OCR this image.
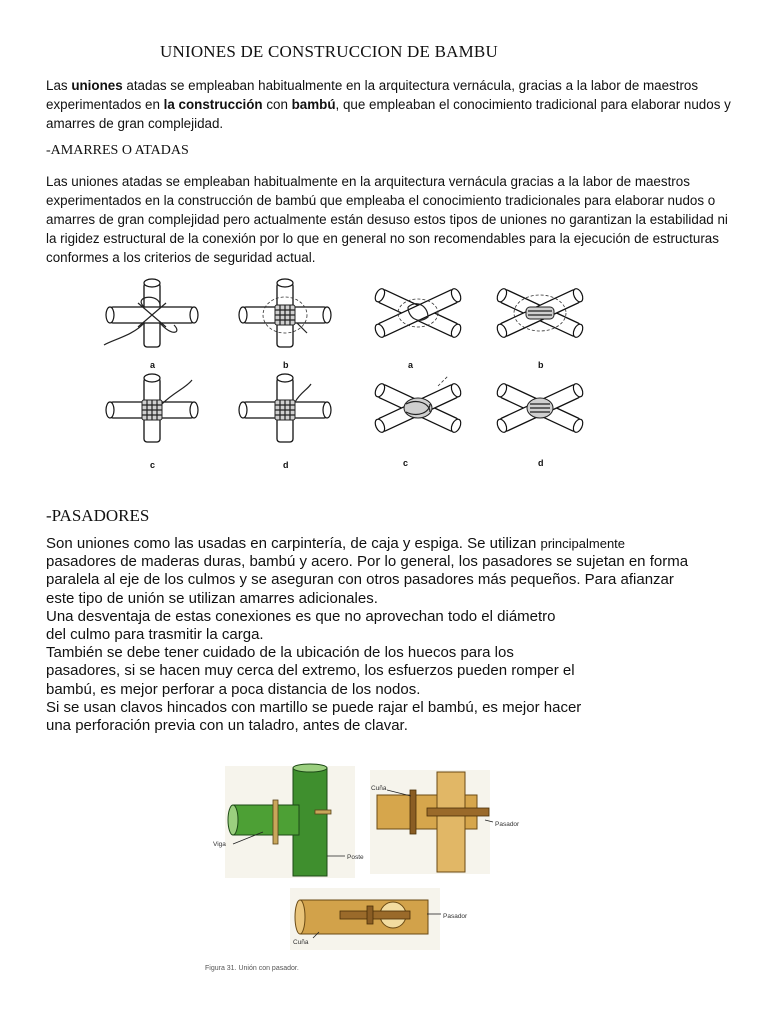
UNIONES DE CONSTRUCCION DE BAMBU
Las uniones atadas se empleaban habitualmente en la arquitectura vernácula, gracias a la labor de maestros experimentados en la construcción con bambú, que empleaban el conocimiento tradicional para elaborar nudos y amarres de gran complejidad.
-AMARRES O ATADAS
Las uniones atadas se empleaban habitualmente en la arquitectura vernácula gracias a la labor de maestros experimentados en la construcción de bambú que empleaba el conocimiento tradicionales para elaborar nudos o amarres de gran complejidad pero actualmente están desuso estos tipos de uniones no garantizan la estabilidad ni la rigidez estructural de la conexión por lo que en general no son recomendables para la ejecución de estructuras conformes a los criterios de seguridad actual.
a	b	a	b
c	d	c	d
-PASADORES
Son uniones como las usadas en carpintería, de caja y espiga. Se utilizan principalmente
pasadores de maderas duras, bambú y acero. Por lo general, los pasadores se sujetan en forma
paralela al eje de los culmos y se aseguran con otros pasadores más pequeños. Para afianzar
este tipo de unión se utilizan amarres adicionales.
Una desventaja de estas conexiones es que no aprovechan todo el diámetro
del culmo para trasmitir la carga.
También se debe tener cuidado de la ubicación de los huecos para los
pasadores, si se hacen muy cerca del extremo, los esfuerzos pueden romper el
bambú, es mejor perforar a poca distancia de los nodos.
Si se usan clavos hincados con martillo se puede rajar el bambú, es mejor hacer
una perforación previa con un taladro, antes de clavar.
Viga
Poste
Cuña
Pasador
Pasador
Cuña
Figura 31. Unión con pasador.
